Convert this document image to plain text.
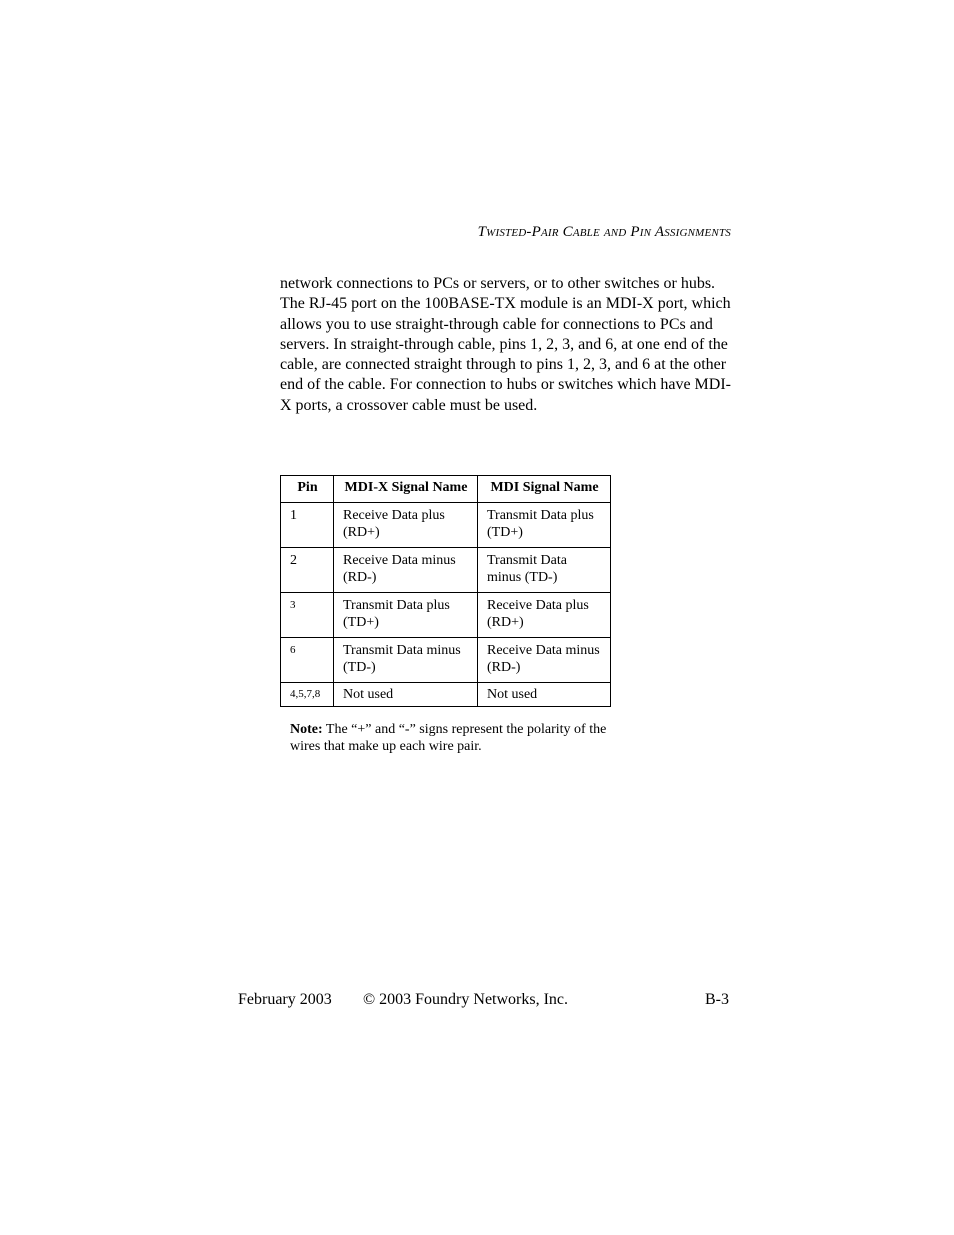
Twisted-Pair Cable and Pin Assignments

network connections to PCs or servers, or to other switches or hubs. The RJ-45 port on the 100BASE-TX module is an MDI-X port, which allows you to use straight-through cable for connections to PCs and servers. In straight-through cable, pins 1, 2, 3, and 6, at one end of the cable, are connected straight through to pins 1, 2, 3, and 6 at the other end of the cable. For connection to hubs or switches which have MDI-X ports, a crossover cable must be used.

Pin	MDI-X Signal Name	MDI Signal Name
1	Receive Data plus (RD+)	Transmit Data plus (TD+)
2	Receive Data minus (RD-)	Transmit Data minus (TD-)
3	Transmit Data plus (TD+)	Receive Data plus (RD+)
6	Transmit Data minus (TD-)	Receive Data minus (RD-)
4,5,7,8	Not used	Not used
Note: The “+” and “-” signs represent the polarity of the wires that make up each wire pair.
February 2003 © 2003 Foundry Networks, Inc.	B-3
